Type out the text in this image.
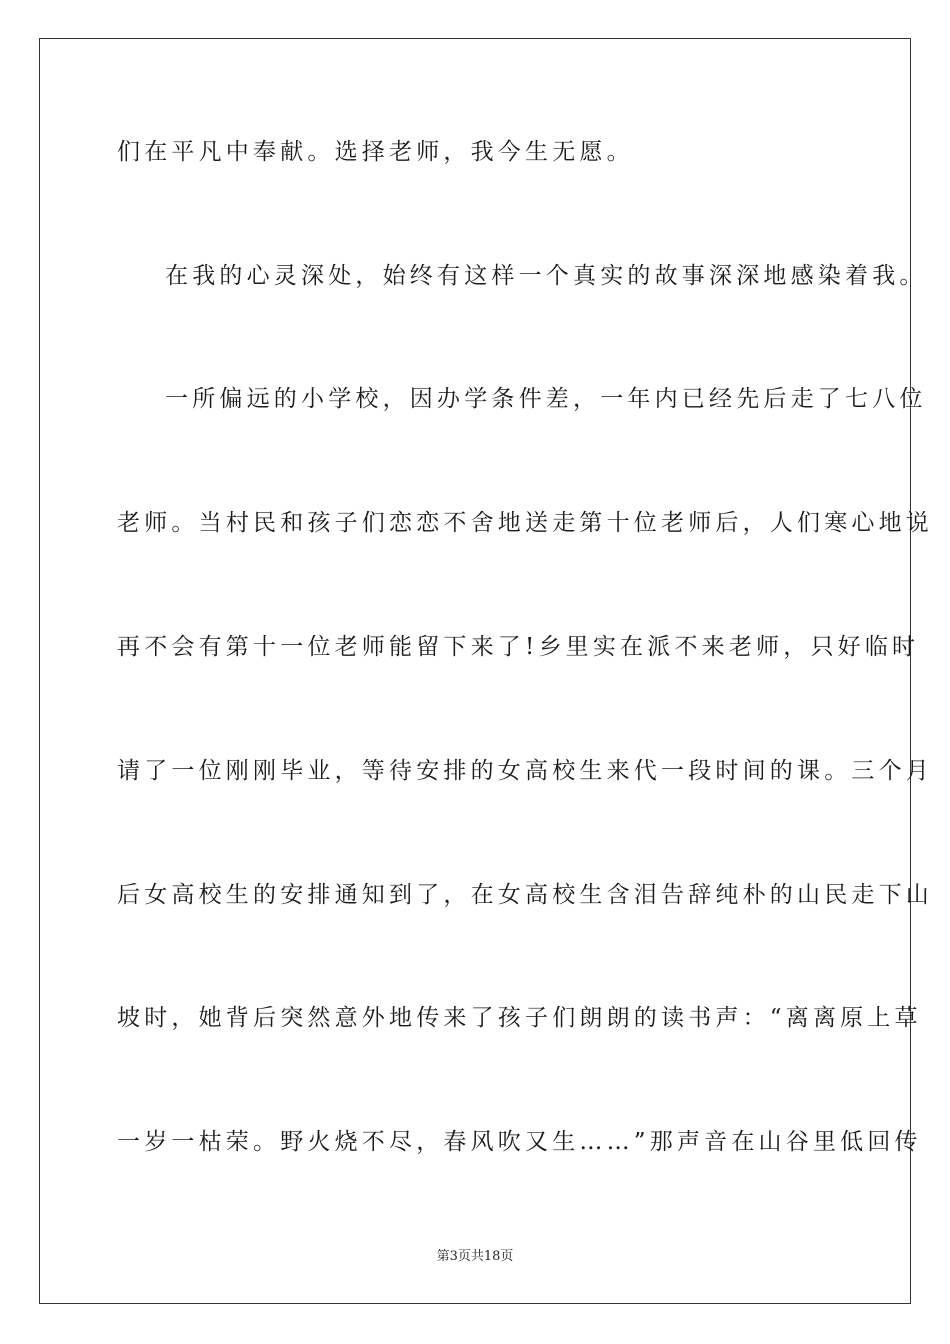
们在平凡中奉献。选择老师，我今生无愿。
在我的心灵深处，始终有这样一个真实的故事深深地感染着我。
一所偏远的小学校，因办学条件差，一年内已经先后走了七八位
老师。当村民和孩子们恋恋不舍地送走第十位老师后，人们寒心地说
再不会有第十一位老师能留下来了!乡里实在派不来老师，只好临时
请了一位刚刚毕业，等待安排的女高校生来代一段时间的课。三个月
后女高校生的安排通知到了，在女高校生含泪告辞纯朴的山民走下山
坡时，她背后突然意外地传来了孩子们朗朗的读书声：“离离原上草
一岁一枯荣。野火烧不尽，春风吹又生……”那声音在山谷里低回传
第3页共18页
